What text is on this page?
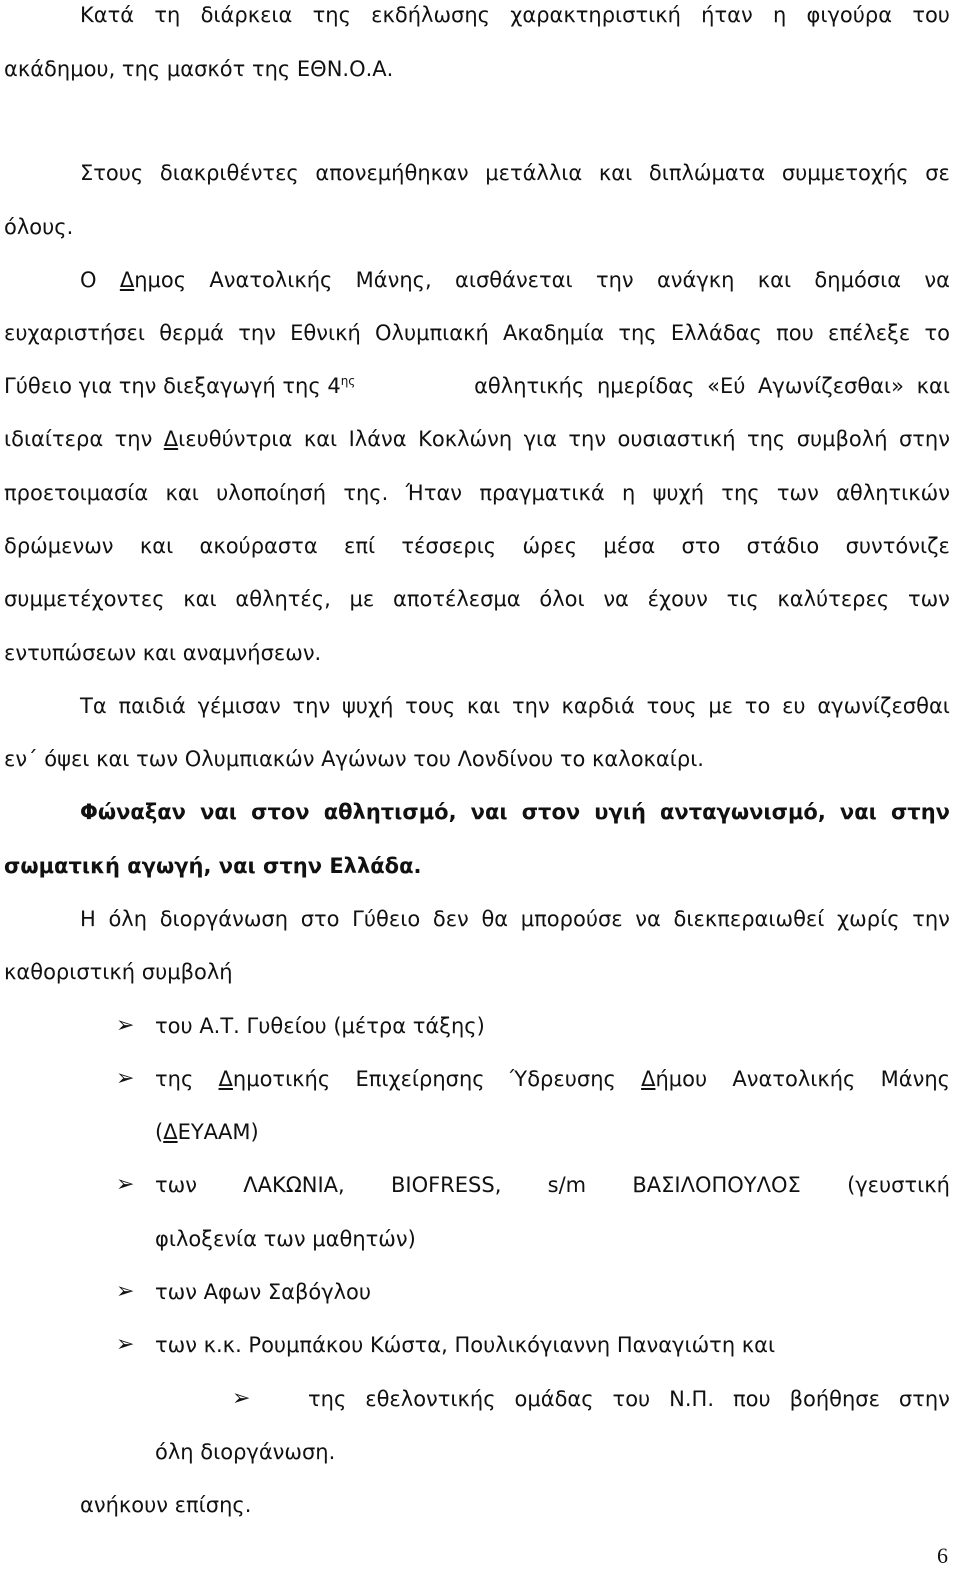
Κατά τη διάρκεια της εκδήλωσης χαρακτηριστική ήταν η φιγούρα του
ακάδημου, της μασκότ της ΕΘΝ.Ο.Α.
Στους διακριθέντες απονεμήθηκαν μετάλλια και διπλώματα συμμετοχής σε
όλους.
Ο Δημος Ανατολικής Μάνης, αισθάνεται την ανάγκη και δημόσια να
ευχαριστήσει θερμά την Εθνική Ολυμπιακή Ακαδημία της Ελλάδας που επέλεξε το
Γύθειο για την διεξαγωγή της $4^{\eta\varsigma}$	αθλητικής ημερίδας «Εύ Αγωνίζεσθαι» και
ιδιαίτερα την Διευθύντρια και Ιλάνα Κοκλώνη για την ουσιαστική της συμβολή στην
προετοιμασία και υλοποίησή της. Ήταν πραγματικά η ψυχή της των αθλητικών
δρώμενων και ακούραστα επί τέσσερις ώρες μέσα στο στάδιο συντόνιζε
συμμετέχοντες και αθλητές, με αποτέλεσμα όλοι να έχουν τις καλύτερες των
εντυπώσεων και αναμνήσεων.
Τα παιδιά γέμισαν την ψυχή τους και την καρδιά τους με το ευ αγωνίζεσθαι
εν΄ όψει και των Ολυμπιακών Αγώνων του Λονδίνου το καλοκαίρι.
Φώναξαν ναι στον αθλητισμό, ναι στον υγιή ανταγωνισμό, ναι στην
σωματική αγωγή, ναι στην Ελλάδα.
Η όλη διοργάνωση στο Γύθειο δεν θα μπορούσε να διεκπεραιωθεί χωρίς την
καθοριστική συμβολή
➢ του Α.Τ. Γυθείου (μέτρα τάξης)
➢ της Δημοτικής Επιχείρησης Ύδρευσης Δήμου Ανατολικής Μάνης
(ΔΕΥΑΑΜ)
➢ των ΛΑΚΩΝΙΑ, BIOFRESS, s/m ΒΑΣΙΛΟΠΟΥΛΟΣ (γευστική
φιλοξενία των μαθητών)
➢ των Αφων Σαβόγλου
➢ των κ.κ. Ρουμπάκου Κώστα, Πουλικόγιαννη Παναγιώτη και
➢	της εθελοντικής ομάδας του Ν.Π. που βοήθησε στην
όλη διοργάνωση.
ανήκουν επίσης.
6
